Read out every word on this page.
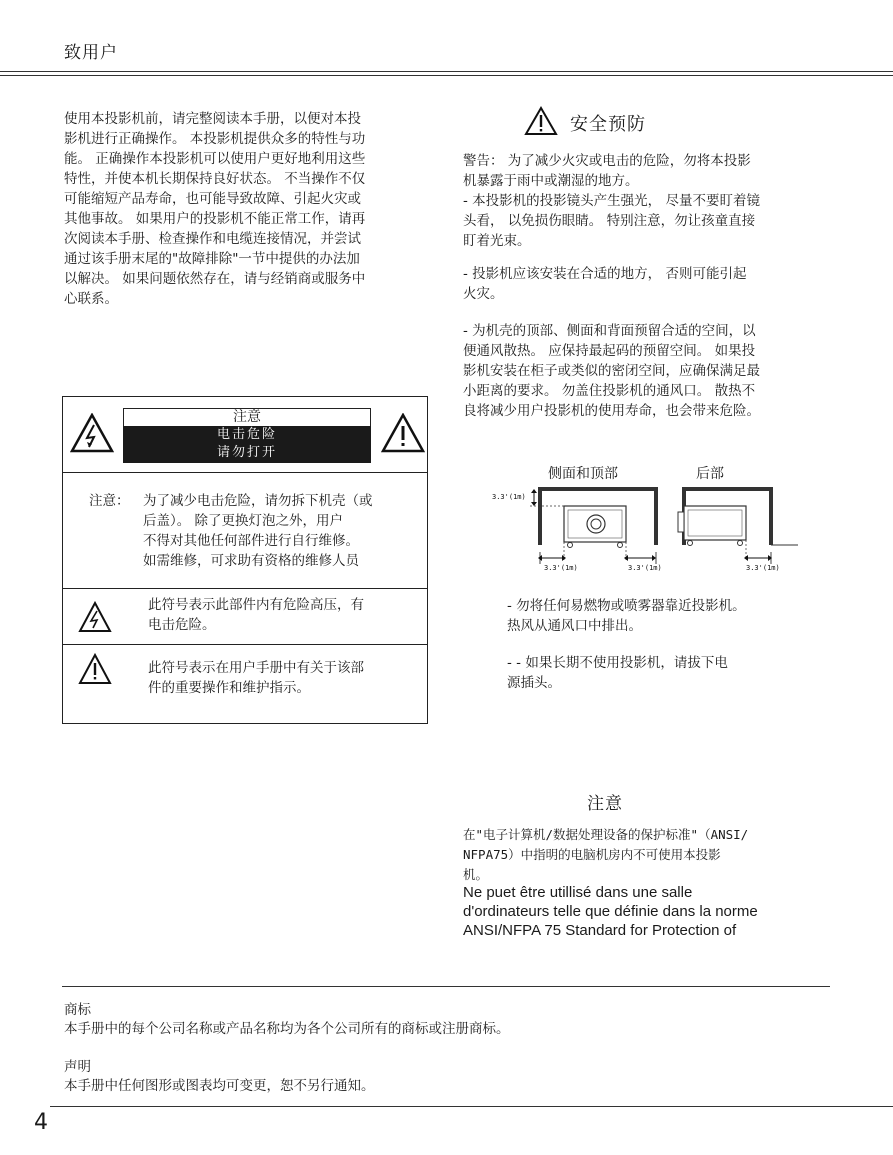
致用户
使用本投影机前，请完整阅读本手册，以便对本投
影机进行正确操作。 本投影机提供众多的特性与功
能。 正确操作本投影机可以使用户更好地利用这些
特性，并使本机长期保持良好状态。 不当操作不仅
可能缩短产品寿命，也可能导致故障、引起火灾或
其他事故。 如果用户的投影机不能正常工作，请再
次阅读本手册、检查操作和电缆连接情况，并尝试
通过该手册末尾的"故障排除"一节中提供的办法加
以解决。 如果问题依然存在，请与经销商或服务中
心联系。
注意
电击危险
请勿打开
注意： 为了减少电击危险，请勿拆下机壳（或
后盖）。 除了更换灯泡之外，用户
不得对其他任何部件进行自行维修。
如需维修，可求助有资格的维修人员
此符号表示此部件内有危险高压，有
电击危险。
此符号表示在用户手册中有关于该部
件的重要操作和维护指示。
安全预防
警告： 为了减少火灾或电击的危险，勿将本投影
机暴露于雨中或潮湿的地方。
- 本投影机的投影镜头产生强光， 尽量不要盯着镜
头看， 以免损伤眼睛。 特别注意，勿让孩童直接
盯着光束。
- 投影机应该安装在合适的地方， 否则可能引起
火灾。
- 为机壳的顶部、侧面和背面预留合适的空间，以
便通风散热。 应保持最起码的预留空间。 如果投
影机安装在柜子或类似的密闭空间，应确保满足最
小距离的要求。 勿盖住投影机的通风口。 散热不
良将减少用户投影机的使用寿命，也会带来危险。
侧面和顶部	后部
3.3'(1m)
3.3'(1m)	3.3'(1m)	3.3'(1m)
- 勿将任何易燃物或喷雾器靠近投影机。
热风从通风口中排出。
- - 如果长期不使用投影机，请拔下电
源插头。
注意
在"电子计算机/数据处理设备的保护标准"（ANSI/
NFPA75）中指明的电脑机房内不可使用本投影
机。
Ne puet être utillisé dans une salle
d'ordinateurs telle que définie dans la norme
ANSI/NFPA 75 Standard for Protection of
商标
本手册中的每个公司名称或产品名称均为各个公司所有的商标或注册商标。
声明
本手册中任何图形或图表均可变更，恕不另行通知。
4
